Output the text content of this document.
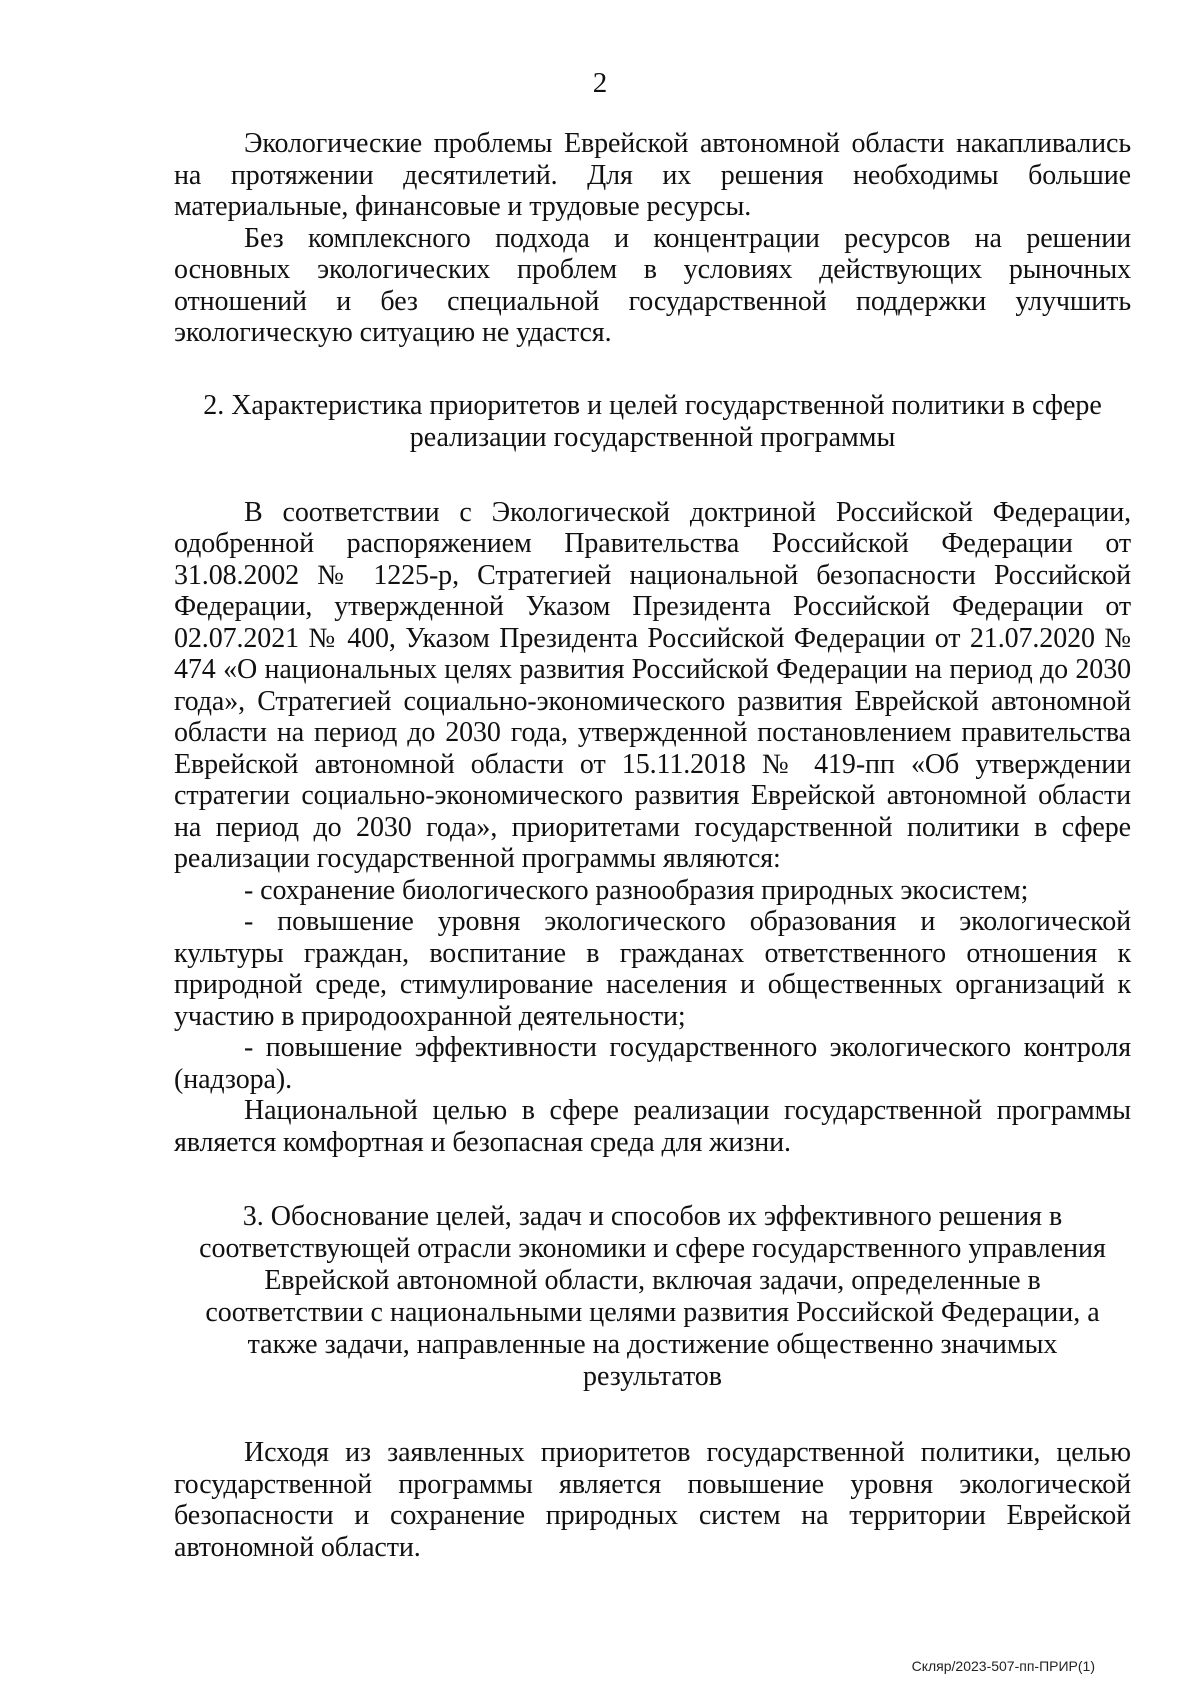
2

Экологические проблемы Еврейской автономной области накапливались на протяжении десятилетий. Для их решения необходимы большие материальные, финансовые и трудовые ресурсы.

Без комплексного подхода и концентрации ресурсов на решении основных экологических проблем в условиях действующих рыночных отношений и без специальной государственной поддержки улучшить экологическую ситуацию не удастся.

2. Характеристика приоритетов и целей государственной политики в сфере реализации государственной программы

В соответствии с Экологической доктриной Российской Федерации, одобренной распоряжением Правительства Российской Федерации от 31.08.2002 № 1225-р, Стратегией национальной безопасности Российской Федерации, утвержденной Указом Президента Российской Федерации от 02.07.2021 № 400, Указом Президента Российской Федерации от 21.07.2020 № 474 «О национальных целях развития Российской Федерации на период до 2030 года», Стратегией социально-экономического развития Еврейской автономной области на период до 2030 года, утвержденной постановлением правительства Еврейской автономной области от 15.11.2018 № 419-пп «Об утверждении стратегии социально-экономического развития Еврейской автономной области на период до 2030 года», приоритетами государственной политики в сфере реализации государственной программы являются:

- сохранение биологического разнообразия природных экосистем;

- повышение уровня экологического образования и экологической культуры граждан, воспитание в гражданах ответственного отношения к природной среде, стимулирование населения и общественных организаций к участию в природоохранной деятельности;

- повышение эффективности государственного экологического контроля (надзора).

Национальной целью в сфере реализации государственной программы является комфортная и безопасная среда для жизни.

3. Обоснование целей, задач и способов их эффективного решения в соответствующей отрасли экономики и сфере государственного управления Еврейской автономной области, включая задачи, определенные в соответствии с национальными целями развития Российской Федерации, а также задачи, направленные на достижение общественно значимых результатов

Исходя из заявленных приоритетов государственной политики, целью государственной программы является повышение уровня экологической безопасности и сохранение природных систем на территории Еврейской автономной области.

Скляр/2023-507-пп-ПРИР(1)
